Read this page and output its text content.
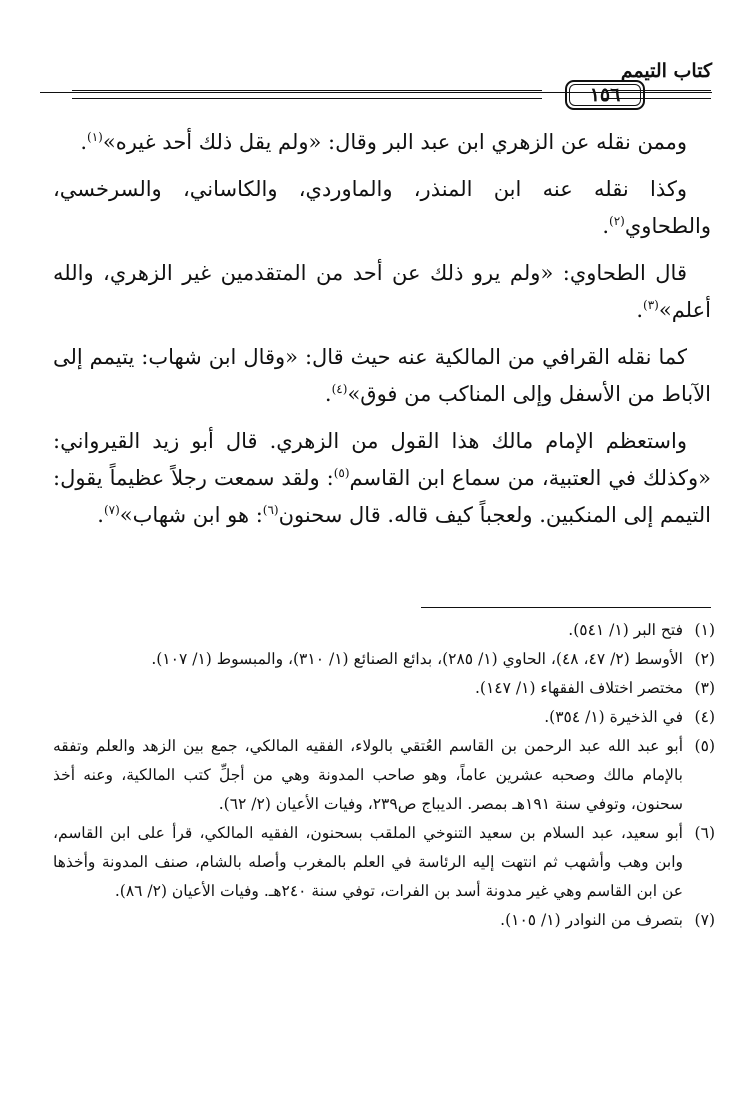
كتاب التيمم
١٥٦

وممن نقله عن الزهري ابن عبد البر وقال: «ولم يقل ذلك أحد غيره»$^{(١)}$.

وكذا نقله عنه ابن المنذر، والماوردي، والكاساني، والسرخسي، والطحاوي$^{(٢)}$.

قال الطحاوي: «ولم يرو ذلك عن أحد من المتقدمين غير الزهري، والله أعلم»$^{(٣)}$.

كما نقله القرافي من المالكية عنه حيث قال: «وقال ابن شهاب: يتيمم إلى الآباط من الأسفل وإلى المناكب من فوق»$^{(٤)}$.

واستعظم الإمام مالك هذا القول من الزهري. قال أبو زيد القيرواني: «وكذلك في العتبية، من سماع ابن القاسم$^{(٥)}$: ولقد سمعت رجلاً عظيماً يقول: التيمم إلى المنكبين. ولعجباً كيف قاله. قال سحنون$^{(٦)}$: هو ابن شهاب»$^{(٧)}$.

(١)
فتح البر (١/ ٥٤١).
(٢)
الأوسط (٢/ ٤٧، ٤٨)، الحاوي (١/ ٢٨٥)، بدائع الصنائع (١/ ٣١٠)، والمبسوط (١/ ١٠٧).
(٣)
مختصر اختلاف الفقهاء (١/ ١٤٧).
(٤)
في الذخيرة (١/ ٣٥٤).
(٥)
أبو عبد الله عبد الرحمن بن القاسم العُتقي بالولاء، الفقيه المالكي، جمع بين الزهد والعلم وتفقه بالإمام مالك وصحبه عشرين عاماً، وهو صاحب المدونة وهي من أجلِّ كتب المالكية، وعنه أخذ سحنون، وتوفي سنة ١٩١هـ بمصر. الديباج ص٢٣٩، وفيات الأعيان (٢/ ٦٢).
(٦)
أبو سعيد، عبد السلام بن سعيد التنوخي الملقب بسحنون، الفقيه المالكي، قرأ على ابن القاسم، وابن وهب وأشهب ثم انتهت إليه الرئاسة في العلم بالمغرب وأصله بالشام، صنف المدونة وأخذها عن ابن القاسم وهي غير مدونة أسد بن الفرات، توفي سنة ٢٤٠هـ. وفيات الأعيان (٢/ ٨٦).
(٧)
بتصرف من النوادر (١/ ١٠٥).
